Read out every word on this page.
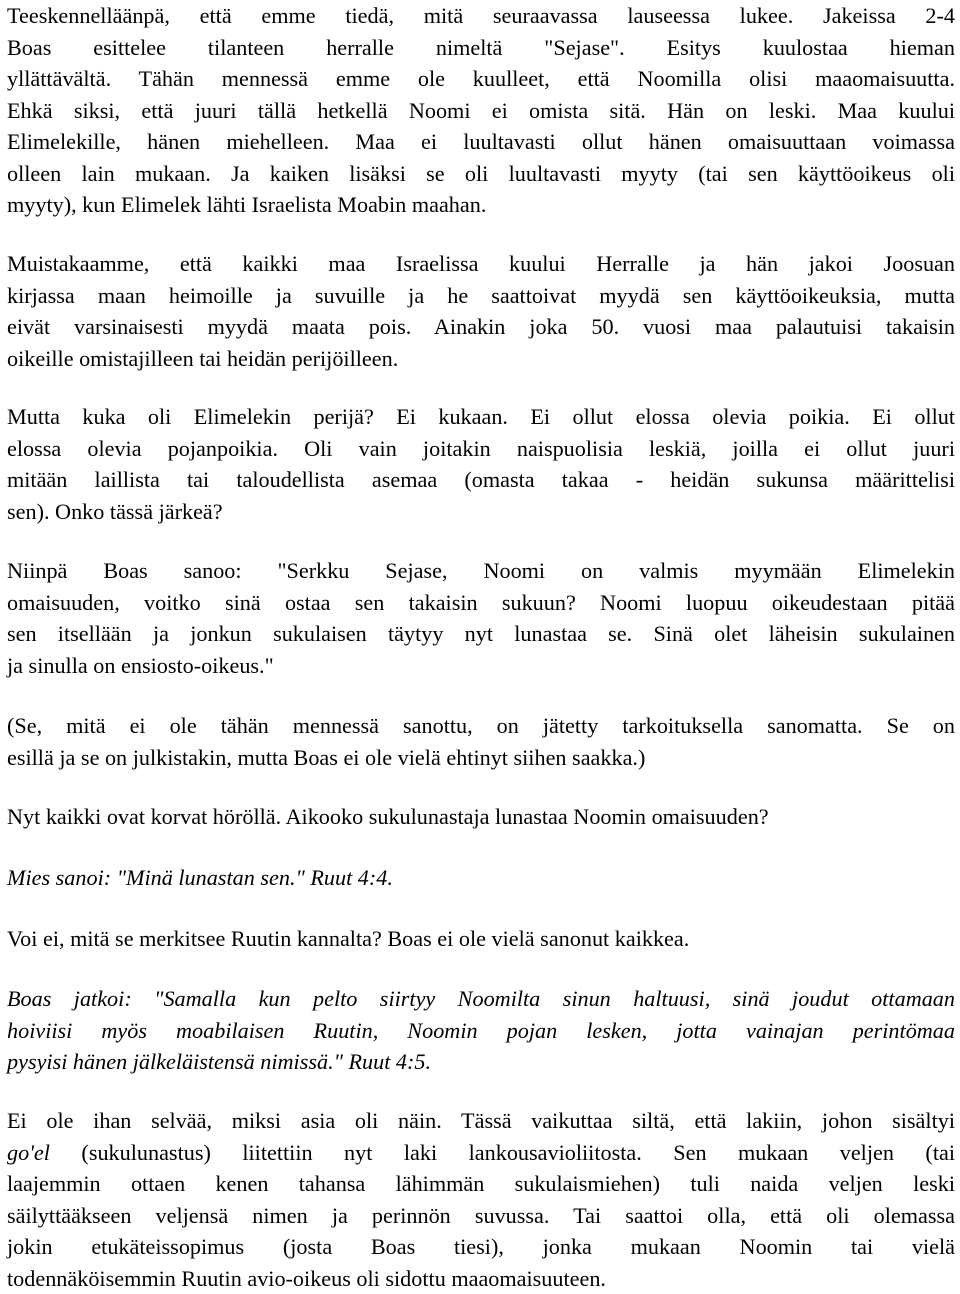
Teeskennelläänpä, että emme tiedä, mitä seuraavassa lauseessa lukee. Jakeissa 2-4
Boas esittelee tilanteen herralle nimeltä "Sejase". Esitys kuulostaa hieman
yllättävältä. Tähän mennessä emme ole kuulleet, että Noomilla olisi maaomaisuutta.
Ehkä siksi, että juuri tällä hetkellä Noomi ei omista sitä. Hän on leski. Maa kuului
Elimelekille, hänen miehelleen. Maa ei luultavasti ollut hänen omaisuuttaan voimassa
olleen lain mukaan. Ja kaiken lisäksi se oli luultavasti myyty (tai sen käyttöoikeus oli
myyty), kun Elimelek lähti Israelista Moabin maahan.
Muistakaamme, että kaikki maa Israelissa kuului Herralle ja hän jakoi Joosuan
kirjassa maan heimoille ja suvuille ja he saattoivat myydä sen käyttöoikeuksia, mutta
eivät varsinaisesti myydä maata pois. Ainakin joka 50. vuosi maa palautuisi takaisin
oikeille omistajilleen tai heidän perijöilleen.
Mutta kuka oli Elimelekin perijä? Ei kukaan. Ei ollut elossa olevia poikia. Ei ollut
elossa olevia pojanpoikia. Oli vain joitakin naispuolisia leskiä, joilla ei ollut juuri
mitään laillista tai taloudellista asemaa (omasta takaa - heidän sukunsa määrittelisi
sen). Onko tässä järkeä?
Niinpä Boas sanoo: "Serkku Sejase, Noomi on valmis myymään Elimelekin
omaisuuden, voitko sinä ostaa sen takaisin sukuun? Noomi luopuu oikeudestaan pitää
sen itsellään ja jonkun sukulaisen täytyy nyt lunastaa se. Sinä olet läheisin sukulainen
ja sinulla on ensiosto-oikeus."
(Se, mitä ei ole tähän mennessä sanottu, on jätetty tarkoituksella sanomatta. Se on
esillä ja se on julkistakin, mutta Boas ei ole vielä ehtinyt siihen saakka.)
Nyt kaikki ovat korvat höröllä. Aikooko sukulunastaja lunastaa Noomin omaisuuden?
Mies sanoi: "Minä lunastan sen." Ruut 4:4.
Voi ei, mitä se merkitsee Ruutin kannalta? Boas ei ole vielä sanonut kaikkea.
Boas jatkoi: "Samalla kun pelto siirtyy Noomilta sinun haltuusi, sinä joudut ottamaan
hoiviisi myös moabilaisen Ruutin, Noomin pojan lesken, jotta vainajan perintömaa
pysyisi hänen jälkeläistensä nimissä." Ruut 4:5.
Ei ole ihan selvää, miksi asia oli näin. Tässä vaikuttaa siltä, että lakiin, johon sisältyi
go'el (sukulunastus) liitettiin nyt laki lankousavioliitosta. Sen mukaan veljen (tai
laajemmin ottaen kenen tahansa lähimmän sukulaismiehen) tuli naida veljen leski
säilyttääkseen veljensä nimen ja perinnön suvussa. Tai saattoi olla, että oli olemassa
jokin etukäteissopimus (josta Boas tiesi), jonka mukaan Noomin tai vielä
todennäköisemmin Ruutin avio-oikeus oli sidottu maaomaisuuteen.
